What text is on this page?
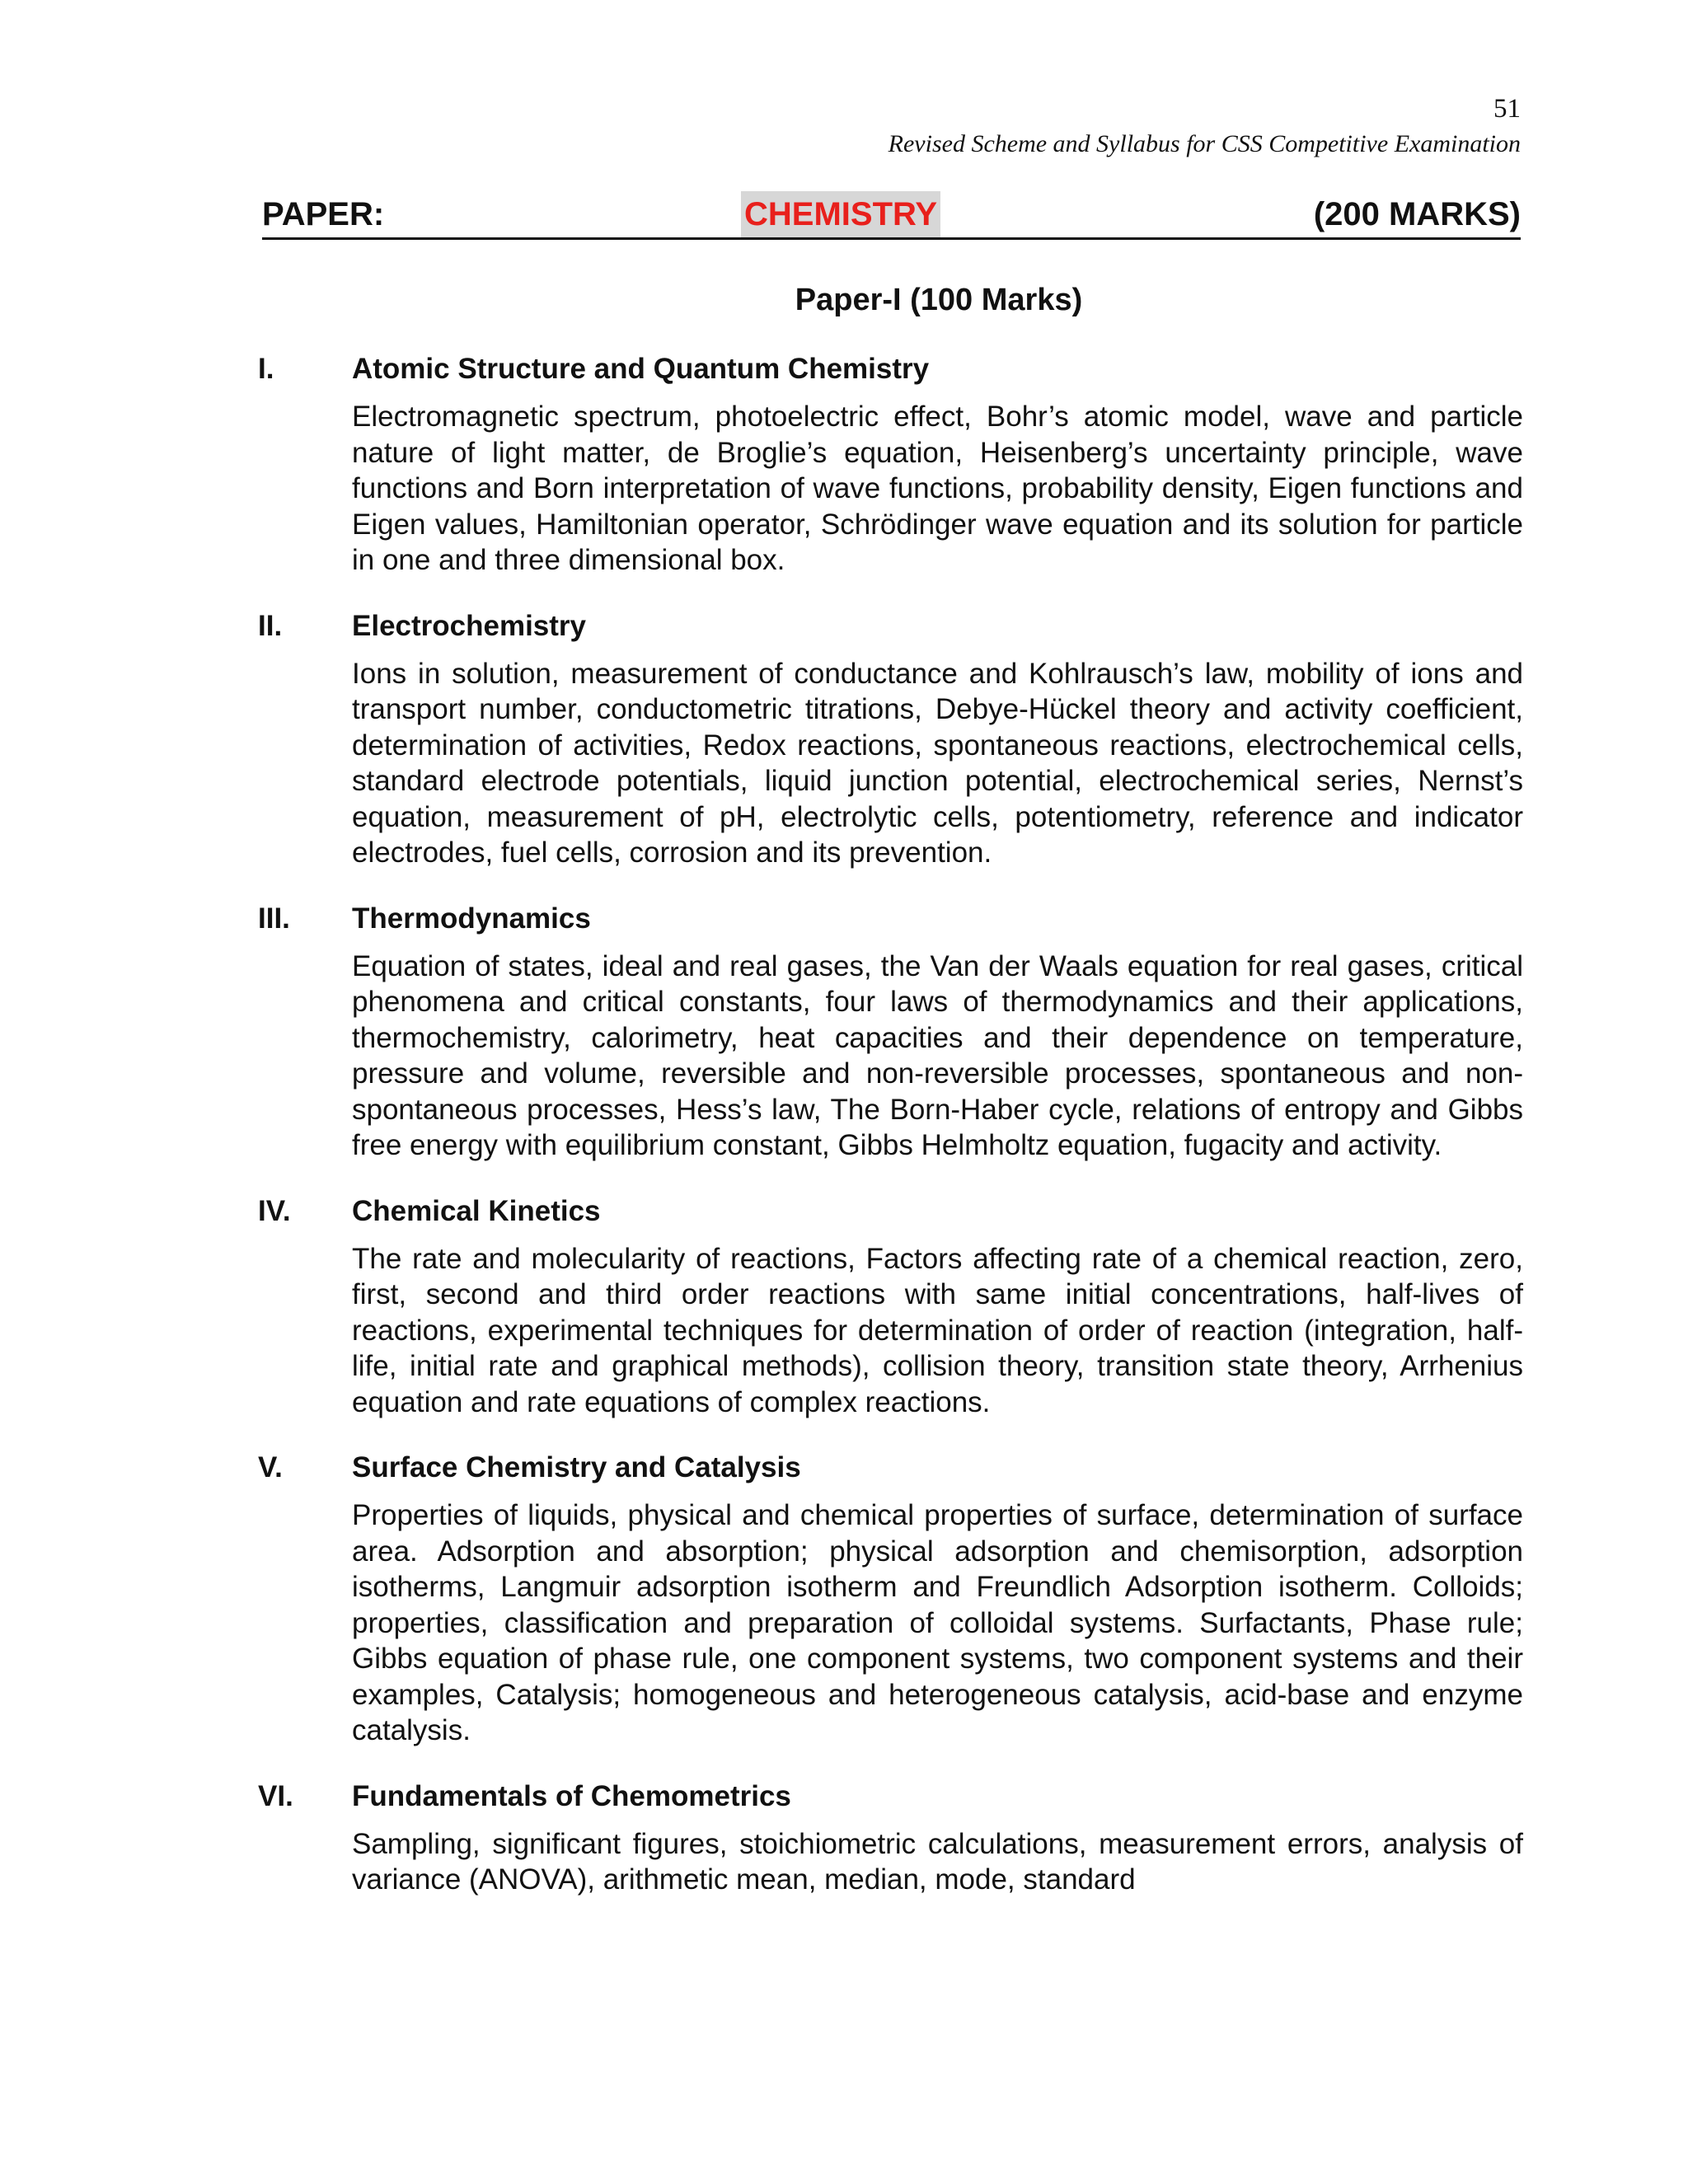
51
Revised Scheme and Syllabus for CSS Competitive Examination
PAPER:	CHEMISTRY	(200 MARKS)
Paper-I (100 Marks)
I.	Atomic Structure and Quantum Chemistry
Electromagnetic spectrum, photoelectric effect, Bohr’s atomic model, wave and particle nature of light matter, de Broglie’s equation, Heisenberg’s uncertainty principle, wave functions and Born interpretation of wave functions, probability density, Eigen functions and Eigen values, Hamiltonian operator, Schrödinger wave equation and its solution for particle in one and three dimensional box.
II. Electrochemistry
Ions in solution, measurement of conductance and Kohlrausch’s law, mobility of ions and transport number, conductometric titrations, Debye-Hückel theory and activity coefficient, determination of activities, Redox reactions, spontaneous reactions, electrochemical cells, standard electrode potentials, liquid junction potential, electrochemical series, Nernst’s equation, measurement of pH, electrolytic cells, potentiometry, reference and indicator electrodes, fuel cells, corrosion and its prevention.
III. Thermodynamics
Equation of states, ideal and real gases, the Van der Waals equation for real gases, critical phenomena and critical constants, four laws of thermodynamics and their applications, thermochemistry, calorimetry, heat capacities and their dependence on temperature, pressure and volume, reversible and non-reversible processes, spontaneous and non-spontaneous processes, Hess’s law, The Born-Haber cycle, relations of entropy and Gibbs free energy with equilibrium constant, Gibbs Helmholtz equation, fugacity and activity.
IV. Chemical Kinetics
The rate and molecularity of reactions, Factors affecting rate of a chemical reaction, zero, first, second and third order reactions with same initial concentrations, half-lives of reactions, experimental techniques for determination of order of reaction (integration, half-life, initial rate and graphical methods), collision theory, transition state theory, Arrhenius equation and rate equations of complex reactions.
V. Surface Chemistry and Catalysis
Properties of liquids, physical and chemical properties of surface, determination of surface area. Adsorption and absorption; physical adsorption and chemisorption, adsorption isotherms, Langmuir adsorption isotherm and Freundlich Adsorption isotherm. Colloids; properties, classification and preparation of colloidal systems. Surfactants, Phase rule; Gibbs equation of phase rule, one component systems, two component systems and their examples, Catalysis; homogeneous and heterogeneous catalysis, acid-base and enzyme catalysis.
VI. Fundamentals of Chemometrics
Sampling, significant figures, stoichiometric calculations, measurement errors, analysis of variance (ANOVA), arithmetic mean, median, mode, standard
